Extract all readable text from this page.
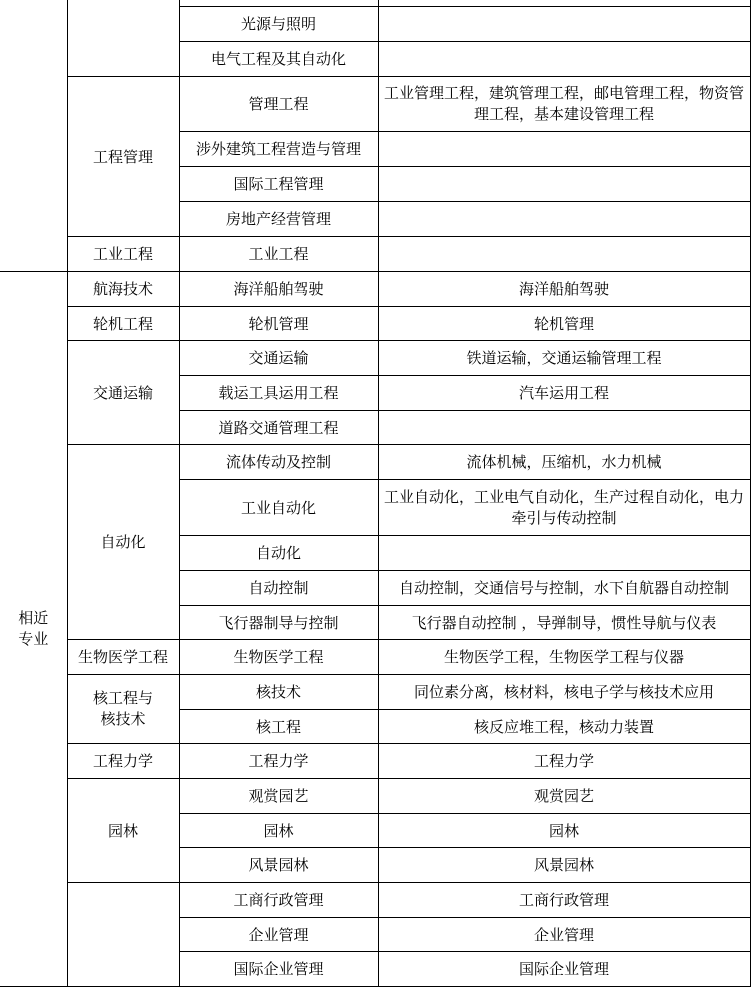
		光源与照明	
		电气工程及其自动化	
	工程管理	管理工程	工业管理工程，建筑管理工程，邮电管理工程，物资管理工程，基本建设管理工程
		涉外建筑工程营造与管理	
		国际工程管理	
		房地产经营管理	
	工业工程	工业工程	
相近专业	航海技术	海洋船舶驾驶	海洋船舶驾驶
	轮机工程	轮机管理	轮机管理
	交通运输	交通运输	铁道运输，交通运输管理工程
		载运工具运用工程	汽车运用工程
		道路交通管理工程	
	自动化	流体传动及控制	流体机械，压缩机，水力机械
		工业自动化	工业自动化，工业电气自动化，生产过程自动化，电力牵引与传动控制
		自动化	
		自动控制	自动控制，交通信号与控制，水下自航器自动控制
		飞行器制导与控制	飞行器自动控制 ，导弹制导，惯性导航与仪表
	生物医学工程	生物医学工程	生物医学工程，生物医学工程与仪器
	核工程与核技术	核技术	同位素分离，核材料，核电子学与核技术应用
		核工程	核反应堆工程，核动力装置
	工程力学	工程力学	工程力学
	园林	观赏园艺	观赏园艺
		园林	园林
		风景园林	风景园林
		工商行政管理	工商行政管理
		企业管理	企业管理
		国际企业管理	国际企业管理
